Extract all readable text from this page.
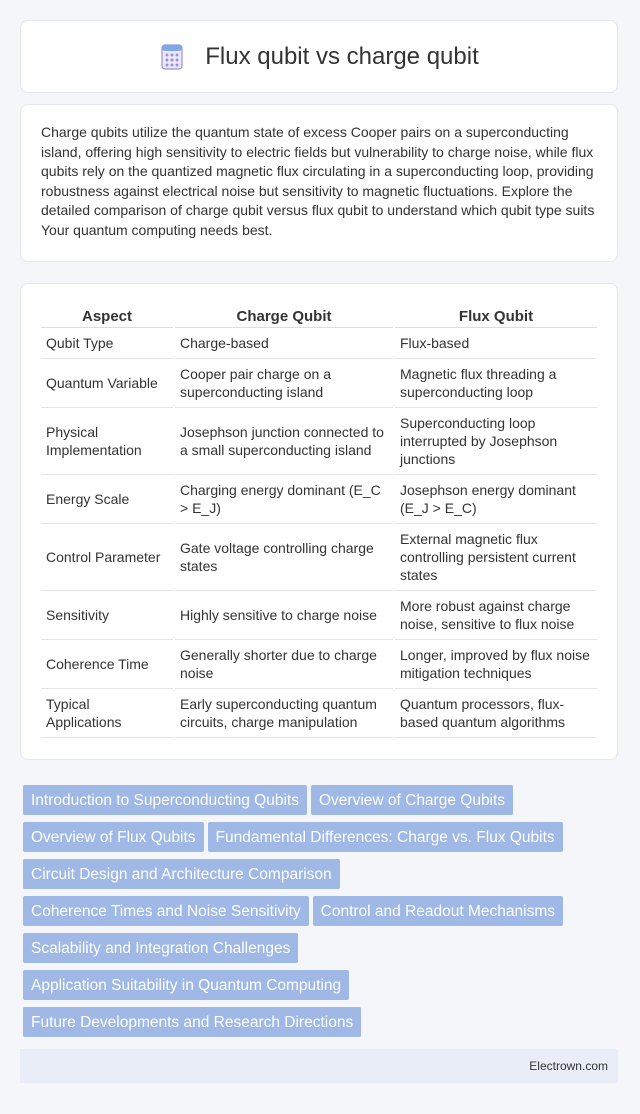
Flux qubit vs charge qubit

Charge qubits utilize the quantum state of excess Cooper pairs on a superconducting island, offering high sensitivity to electric fields but vulnerability to charge noise, while flux qubits rely on the quantized magnetic flux circulating in a superconducting loop, providing robustness against electrical noise but sensitivity to magnetic fluctuations. Explore the detailed comparison of charge qubit versus flux qubit to understand which qubit type suits Your quantum computing needs best.

Aspect	Charge Qubit	Flux Qubit
Qubit Type	Charge-based	Flux-based
Quantum Variable	Cooper pair charge on a superconducting island	Magnetic flux threading a superconducting loop
Physical Implementation	Josephson junction connected to a small superconducting island	Superconducting loop interrupted by Josephson junctions
Energy Scale	Charging energy dominant (E_C > E_J)	Josephson energy dominant (E_J > E_C)
Control Parameter	Gate voltage controlling charge states	External magnetic flux controlling persistent current states
Sensitivity	Highly sensitive to charge noise	More robust against charge noise, sensitive to flux noise
Coherence Time	Generally shorter due to charge noise	Longer, improved by flux noise mitigation techniques
Typical Applications	Early superconducting quantum circuits, charge manipulation	Quantum processors, flux-based quantum algorithms
Introduction to Superconducting Qubits Overview of Charge Qubits
Overview of Flux Qubits Fundamental Differences: Charge vs. Flux Qubits
Circuit Design and Architecture Comparison
Coherence Times and Noise Sensitivity Control and Readout Mechanisms
Scalability and Integration Challenges
Application Suitability in Quantum Computing
Future Developments and Research Directions
Electrown.com
